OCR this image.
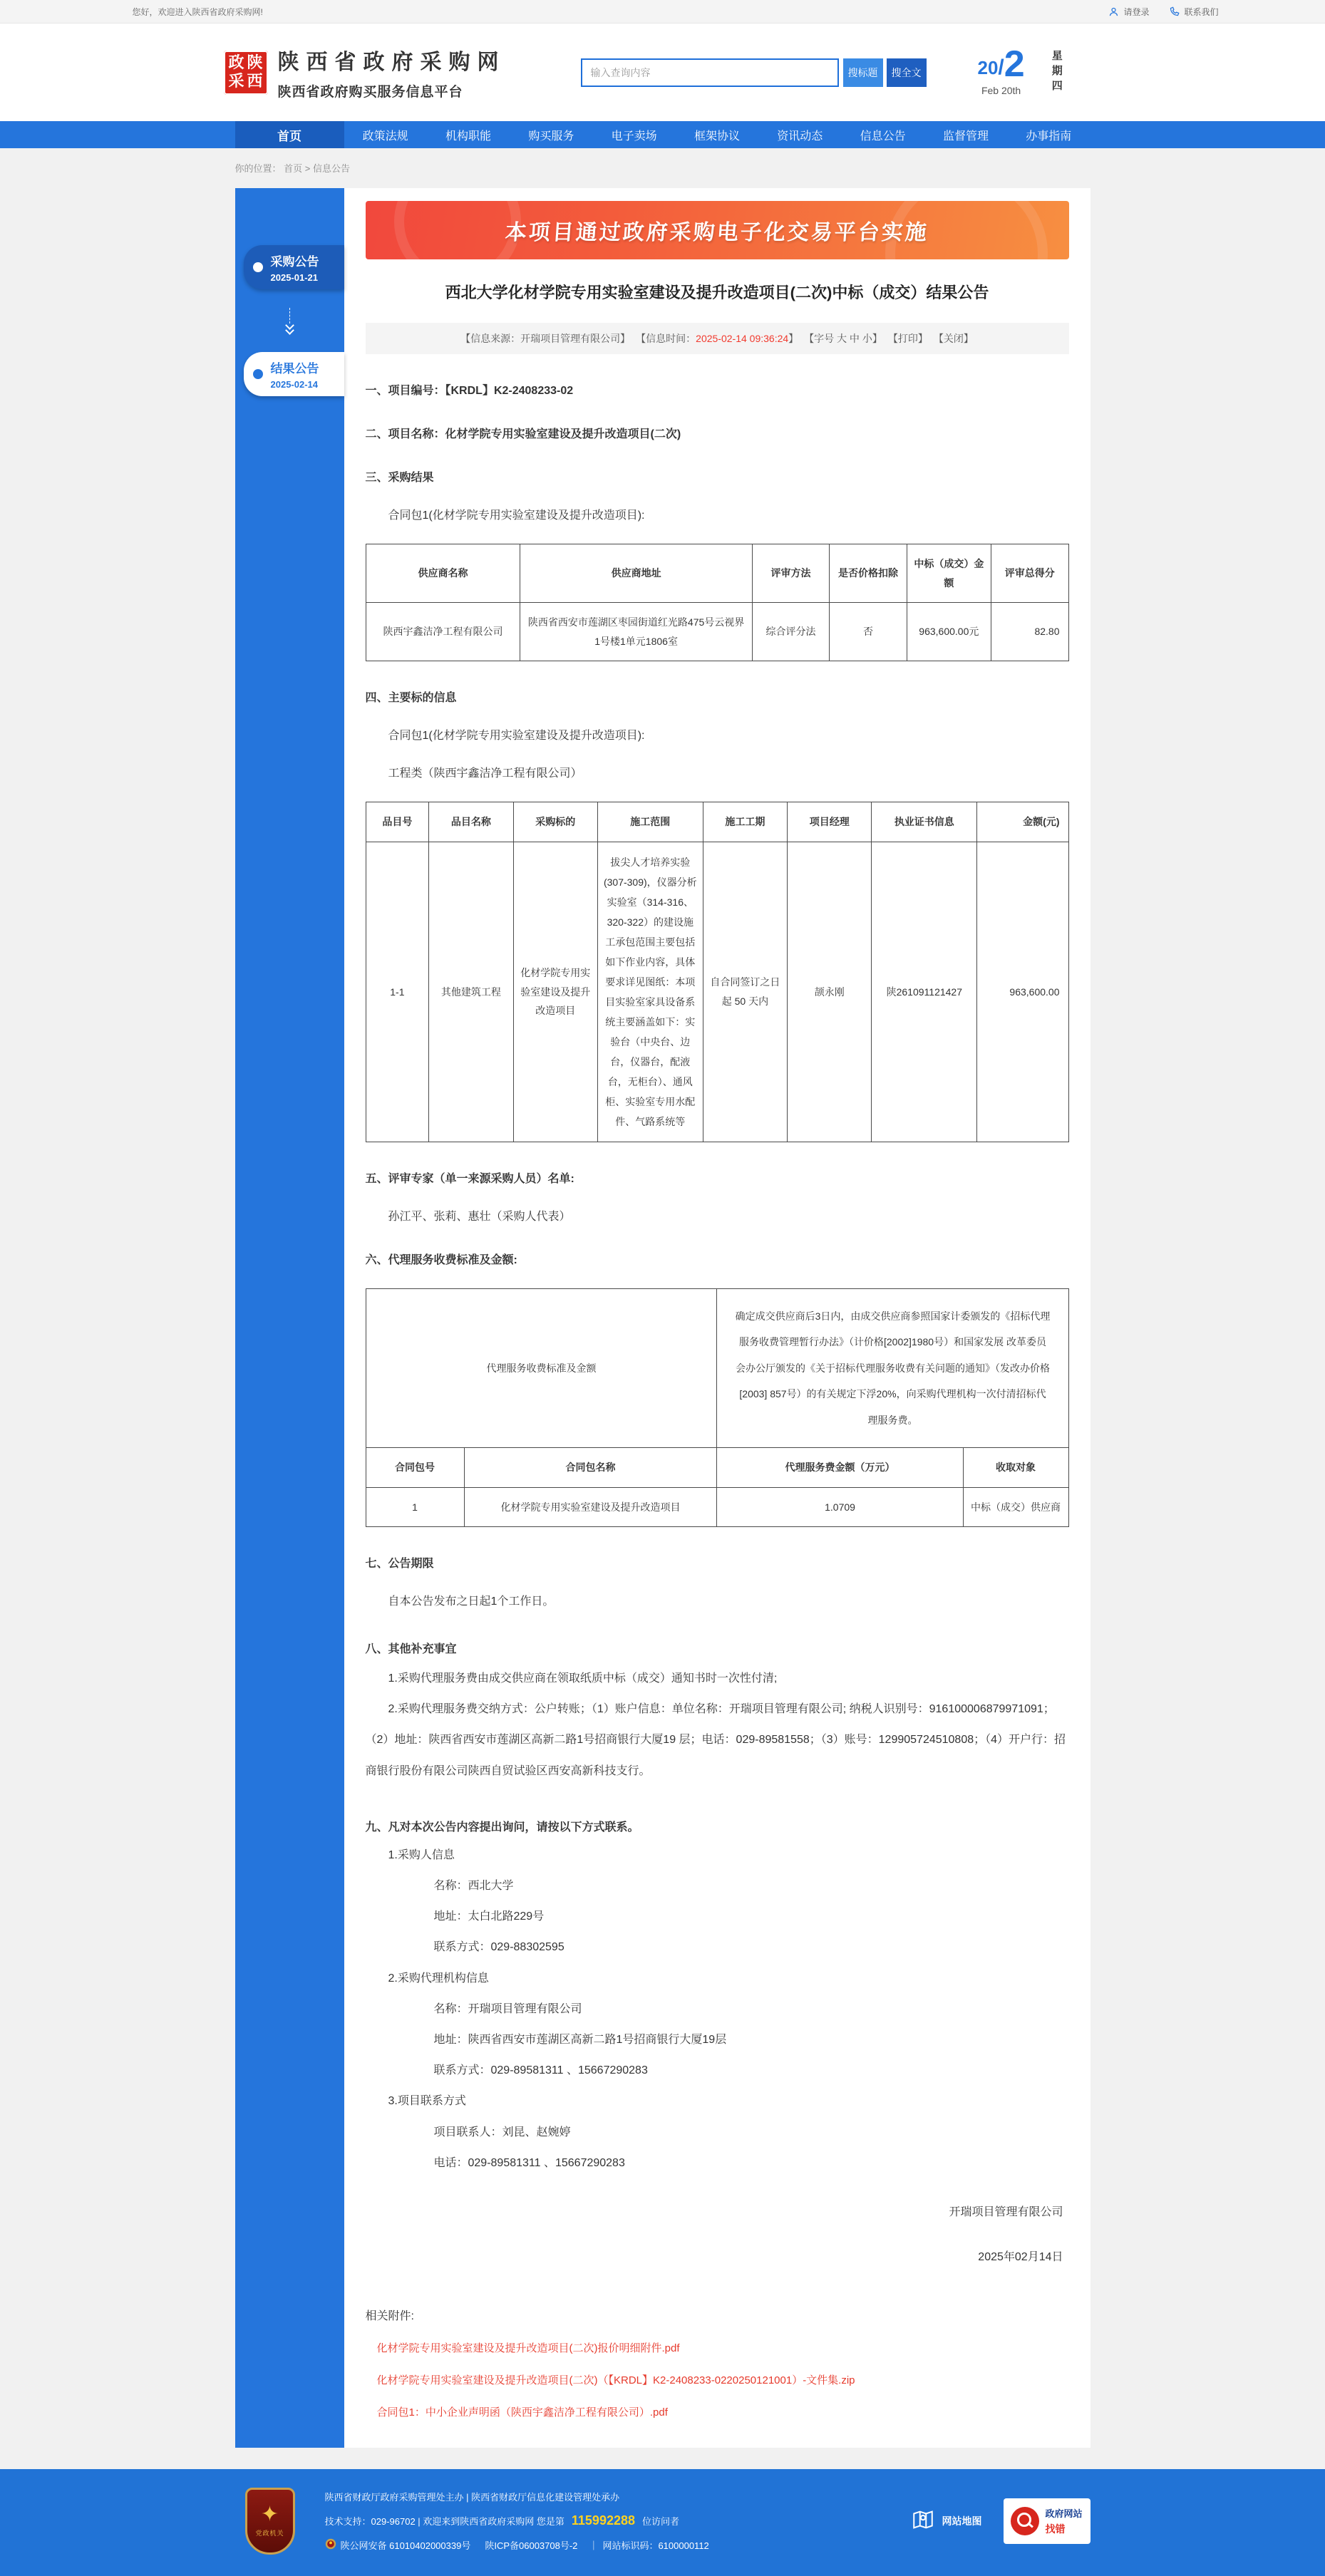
您好，欢迎进入陕西省政府采购网!	请登录	联系我们
政 陕
采 西
陕西省政府采购网
陕西省政府购买服务信息平台
输入查询内容
搜标题	搜全文	20 / 2
Feb 20th	星期四
首页	政策法规	机构职能	购买服务	电子卖场	框架协议	资讯动态	信息公告	监督管理	办事指南
你的位置： 首页 > 信息公告
采购公告
2025-01-21
结果公告
2025-02-14
本项目通过政府采购电子化交易平台实施
西北大学化材学院专用实验室建设及提升改造项目(二次)中标（成交）结果公告
【信息来源：开瑞项目管理有限公司】 【信息时间：2025-02-14 09:36:24】 【字号 大 中 小】 【打印】 【关闭】
一、项目编号：【KRDL】K2-2408233-02
二、项目名称：化材学院专用实验室建设及提升改造项目(二次)
三、采购结果
合同包1(化材学院专用实验室建设及提升改造项目):
供应商名称	供应商地址	评审方法	是否价格扣除	中标（成交）金额	评审总得分
陕西宇鑫洁净工程有限公司	陕西省西安市莲湖区枣园街道红光路475号云视界1号楼1单元1806室	综合评分法	否	963,600.00元	82.80
四、主要标的信息
合同包1(化材学院专用实验室建设及提升改造项目):
工程类（陕西宇鑫洁净工程有限公司）
品目号	品目名称	采购标的	施工范围	施工工期	项目经理	执业证书信息	金额(元)
1-1	其他建筑工程	化材学院专用实验室建设及提升改造项目	拔尖人才培养实验(307-309)，仪器分析实验室（314-316、320-322）的建设施工承包范围主要包括如下作业内容，具体要求详见图纸：本项目实验室家具设备系统主要涵盖如下：实验台（中央台、边台，仪器台，配液台，无柜台）、通风柜、实验室专用水配件、气路系统等	自合同签订之日起 50 天内	颉永刚	陕261091121427	963,600.00
五、评审专家（单一来源采购人员）名单:
孙江平、张莉、惠壮（采购人代表）
六、代理服务收费标准及金额:
代理服务收费标准及金额		确定成交供应商后3日内，由成交供应商参照国家计委颁发的《招标代理服务收费管理暂行办法》（计价格[2002]1980号）和国家发展 改革委员会办公厅颁发的《关于招标代理服务收费有关问题的通知》（发改办价格[2003] 857号）的有关规定下浮20%，向采购代理机构一次付清招标代理服务费。	
合同包号	合同包名称	代理服务费金额（万元）	收取对象
1	化材学院专用实验室建设及提升改造项目	1.0709	中标（成交）供应商
七、公告期限
自本公告发布之日起1个工作日。
八、其他补充事宜
1.采购代理服务费由成交供应商在领取纸质中标（成交）通知书时一次性付清;
2.采购代理服务费交纳方式：公户转账；（1）账户信息：单位名称：开瑞项目管理有限公司; 纳税人识别号：916100006879971091；（2）地址：陕西省西安市莲湖区高新二路1号招商银行大厦19 层；电话：029-89581558；（3）账号：129905724510808；（4）开户行：招商银行股份有限公司陕西自贸试验区西安高新科技支行。
九、凡对本次公告内容提出询问，请按以下方式联系。
1.采购人信息
名称：西北大学
地址：太白北路229号
联系方式：029-88302595
2.采购代理机构信息
名称：开瑞项目管理有限公司
地址：陕西省西安市莲湖区高新二路1号招商银行大厦19层
联系方式：029-89581311 、15667290283
3.项目联系方式
项目联系人：刘昆、赵婉婷
电话：029-89581311 、15667290283
开瑞项目管理有限公司
2025年02月14日
相关附件:
化材学院专用实验室建设及提升改造项目(二次)报价明细附件.pdf
化材学院专用实验室建设及提升改造项目(二次)（【KRDL】K2-2408233-0220250121001）-文件集.zip
合同包1：中小企业声明函（陕西宇鑫洁净工程有限公司）.pdf
✦
党政机关
陕西省财政厅政府采购管理处主办 | 陕西省财政厅信息化建设管理处承办
技术支持：029-96702 | 欢迎来到陕西省政府采购网 您是第 115992288 位访问者
陕公网安备 61010402000339号 陕ICP备06003708号-2 ｜ 网站标识码：6100000112
网站地图
政府网站
找错
